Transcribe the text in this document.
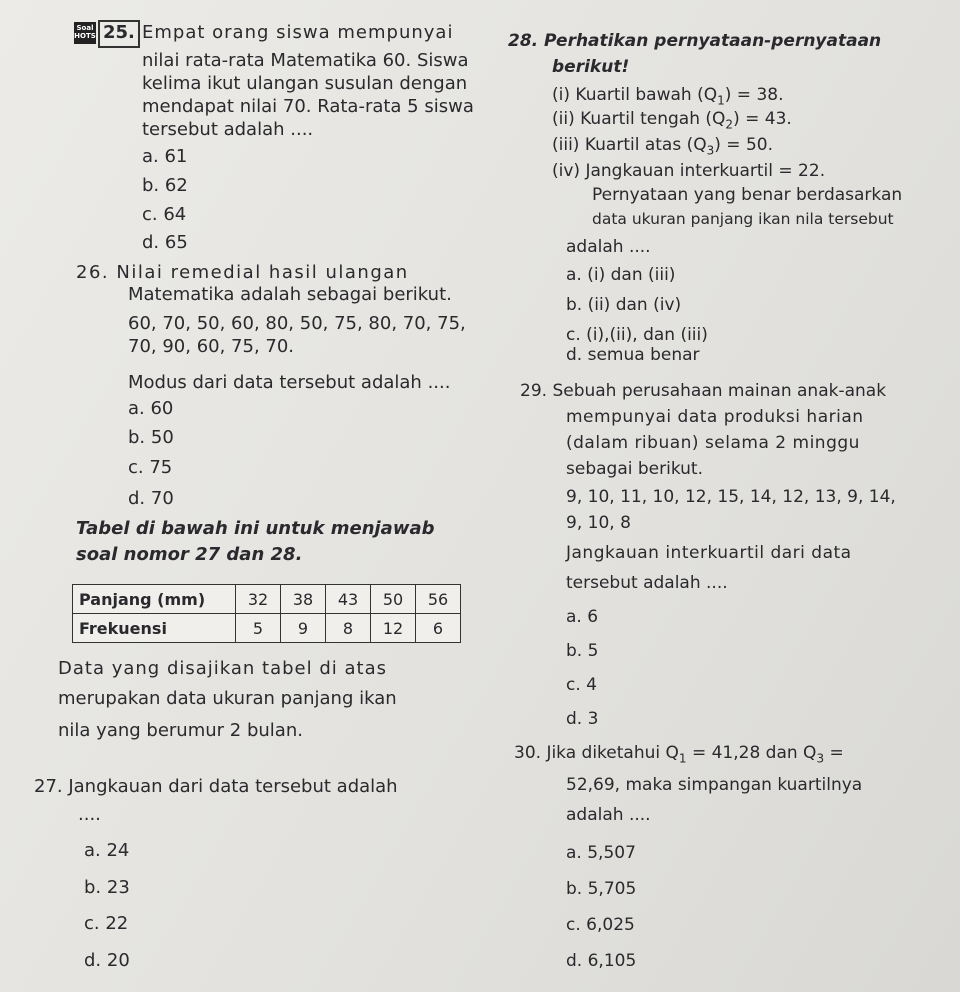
Soal HOTS 25. Empat orang siswa mempunyai
nilai rata-rata Matematika 60. Siswa
kelima ikut ulangan susulan dengan
mendapat nilai 70. Rata-rata 5 siswa
tersebut adalah ....
a. 61
b. 62
c. 64
d. 65
26. Nilai remedial hasil ulangan
Matematika adalah sebagai berikut.
60, 70, 50, 60, 80, 50, 75, 80, 70, 75,
70, 90, 60, 75, 70.
Modus dari data tersebut adalah ....
a. 60
b. 50
c. 75
d. 70
Tabel di bawah ini untuk menjawab
soal nomor 27 dan 28.
Panjang (mm)	32	38	43	50	56
Frekuensi	5	9	8	12	6
Data yang disajikan tabel di atas
merupakan data ukuran panjang ikan
nila yang berumur 2 bulan.
27. Jangkauan dari data tersebut adalah
....
a. 24
b. 23
c. 22
d. 20
28. Perhatikan pernyataan-pernyataan
berikut!
(i) Kuartil bawah $(Q_1) = 38$.
(ii) Kuartil tengah $(Q_2) = 43$.
(iii) Kuartil atas $(Q_3) = 50$.
(iv) Jangkauan interkuartil = 22.
Pernyataan yang benar berdasarkan
data ukuran panjang ikan nila tersebut
adalah ....
a. (i) dan (iii)
b. (ii) dan (iv)
c. (i),(ii), dan (iii)
d. semua benar
29. Sebuah perusahaan mainan anak-anak
mempunyai data produksi harian
(dalam ribuan) selama 2 minggu
sebagai berikut.
9, 10, 11, 10, 12, 15, 14, 12, 13, 9, 14,
9, 10, 8
Jangkauan interkuartil dari data
tersebut adalah ....
a. 6
b. 5
c. 4
d. 3
30. Jika diketahui $Q_1 = 41,28$ dan $Q_3$ =
52,69, maka simpangan kuartilnya
adalah ....
a. 5,507
b. 5,705
c. 6,025
d. 6,105
